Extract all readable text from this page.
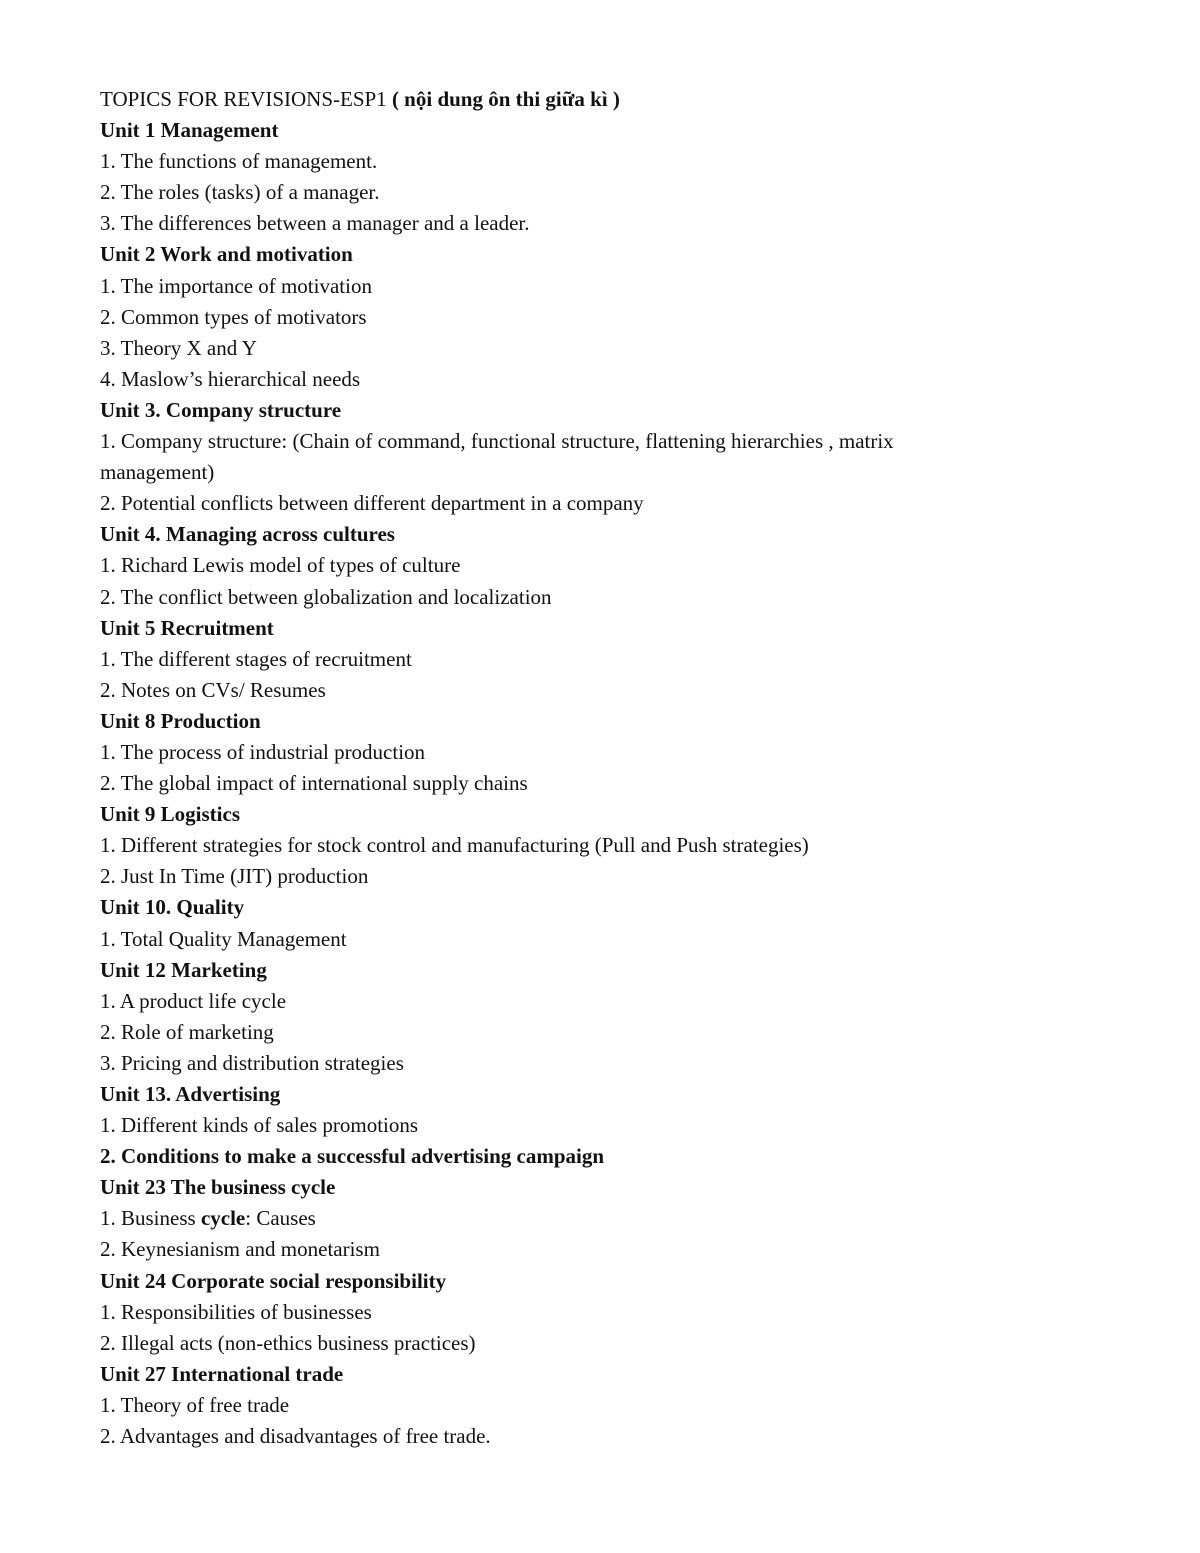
TOPICS FOR REVISIONS-ESP1 ( nội dung ôn thi giữa kì )
Unit 1 Management
1. The functions of management.
2. The roles (tasks) of a manager.
3. The differences between a manager and a leader.
Unit 2 Work and motivation
1. The importance of motivation
2. Common types of motivators
3. Theory X and Y
4. Maslow’s hierarchical needs
Unit 3. Company structure
1. Company structure: (Chain of command, functional structure, flattening hierarchies , matrix management)
2. Potential conflicts between different department in a company
Unit 4. Managing across cultures
1. Richard Lewis model of types of culture
2. The conflict between globalization and localization
Unit 5 Recruitment
1. The different stages of recruitment
2. Notes on CVs/ Resumes
Unit 8 Production
1. The process of industrial production
2. The global impact of international supply chains
Unit 9 Logistics
1. Different strategies for stock control and manufacturing (Pull and Push strategies)
2. Just In Time (JIT) production
Unit 10. Quality
1. Total Quality Management
Unit 12 Marketing
1. A product life cycle
2. Role of marketing
3. Pricing and distribution strategies
Unit 13. Advertising
1. Different kinds of sales promotions
2. Conditions to make a successful advertising campaign
Unit 23 The business cycle
1. Business cycle: Causes
2. Keynesianism and monetarism
Unit 24 Corporate social responsibility
1. Responsibilities of businesses
2. Illegal acts (non-ethics business practices)
Unit 27 International trade
1. Theory of free trade
2. Advantages and disadvantages of free trade.
